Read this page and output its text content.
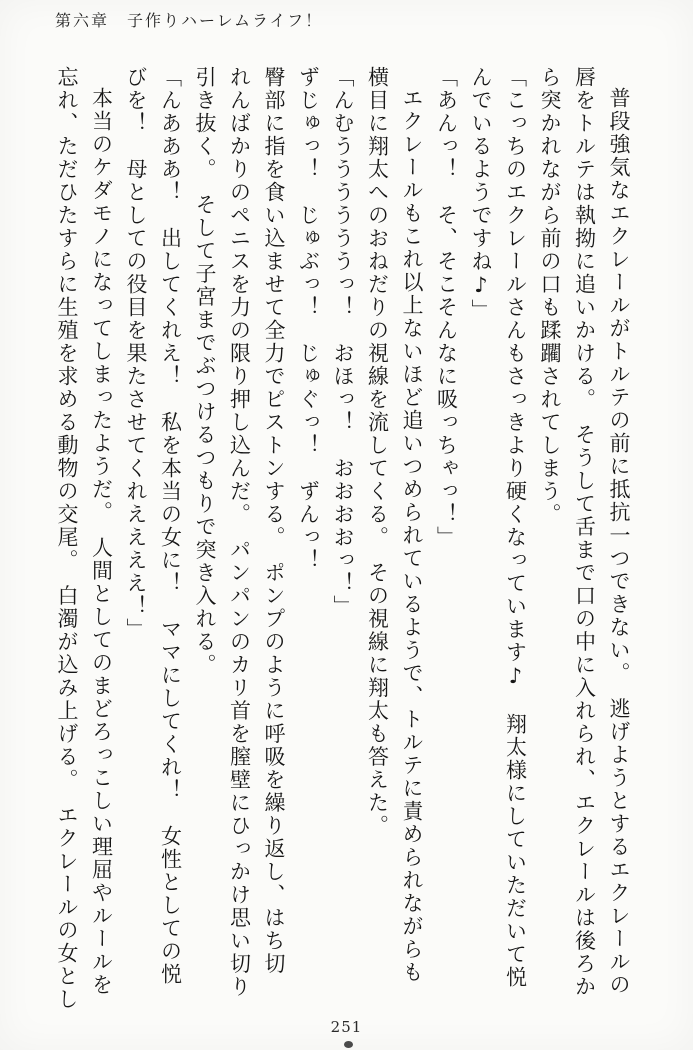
第六章　子作りハーレムライフ！

普段強気なエクレールがトルテの前に抵抗一つできない。　逃げようとするエクレールの

唇をトルテは執拗に追いかける。　そうして舌まで口の中に入れられ、エクレールは後ろか

ら突かれながら前の口も蹂躙されてしまう。

「こっちのエクレールさんもさっきより硬くなっています♪　翔太様にしていただいて悦

んでいるようですね♪」

「あんっ！　そ、そこそんなに吸っちゃっ！」

エクレールもこれ以上ないほど追いつめられているようで、トルテに責められながらも

横目に翔太へのおねだりの視線を流してくる。　その視線に翔太も答えた。

「んむううううううっ！　おほっ！　おおおおっ！」

ずじゅっ！　じゅぶっ！　じゅぐっ！　ずんっ！

臀部に指を食い込ませて全力でピストンする。　ポンプのように呼吸を繰り返し、はち切

れんばかりのペニスを力の限り押し込んだ。　パンパンのカリ首を膣壁にひっかけ思い切り

引き抜く。　そして子宮までぶつけるつもりで突き入れる。

「んあああ！　出してくれえ！　私を本当の女に！　ママにしてくれ！　女性としての悦

びを！　母としての役目を果たさせてくれええええ！」

本当のケダモノになってしまったようだ。　人間としてのまどろっこしい理屈やルールを

忘れ、ただひたすらに生殖を求める動物の交尾。　白濁が込み上げる。　エクレールの女とし

251
